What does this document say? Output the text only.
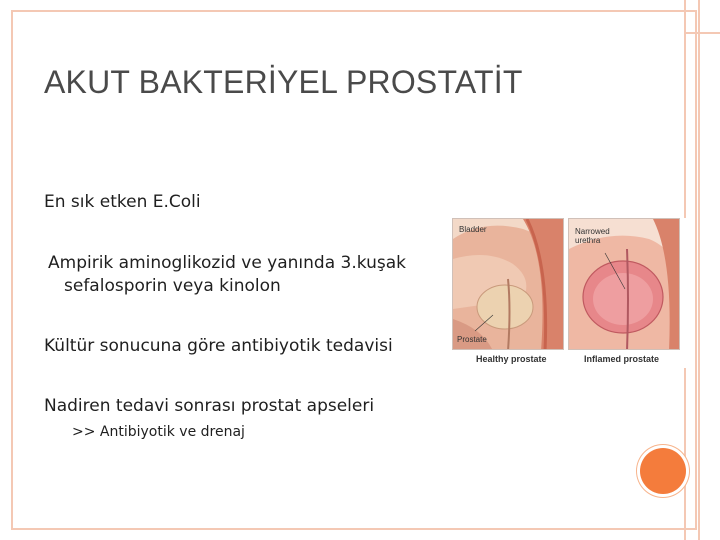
AKUT BAKTERİYEL PROSTATİT
En sık etken E.Coli
Ampirik aminoglikozid ve yanında 3.kuşak
sefalosporin veya kinolon
Kültür sonucuna göre antibiyotik tedavisi
Nadiren tedavi sonrası prostat apseleri
>> Antibiyotik ve drenaj
Bladder
Prostate
Narrowed
urethra
Healthy prostate	Inflamed prostate
